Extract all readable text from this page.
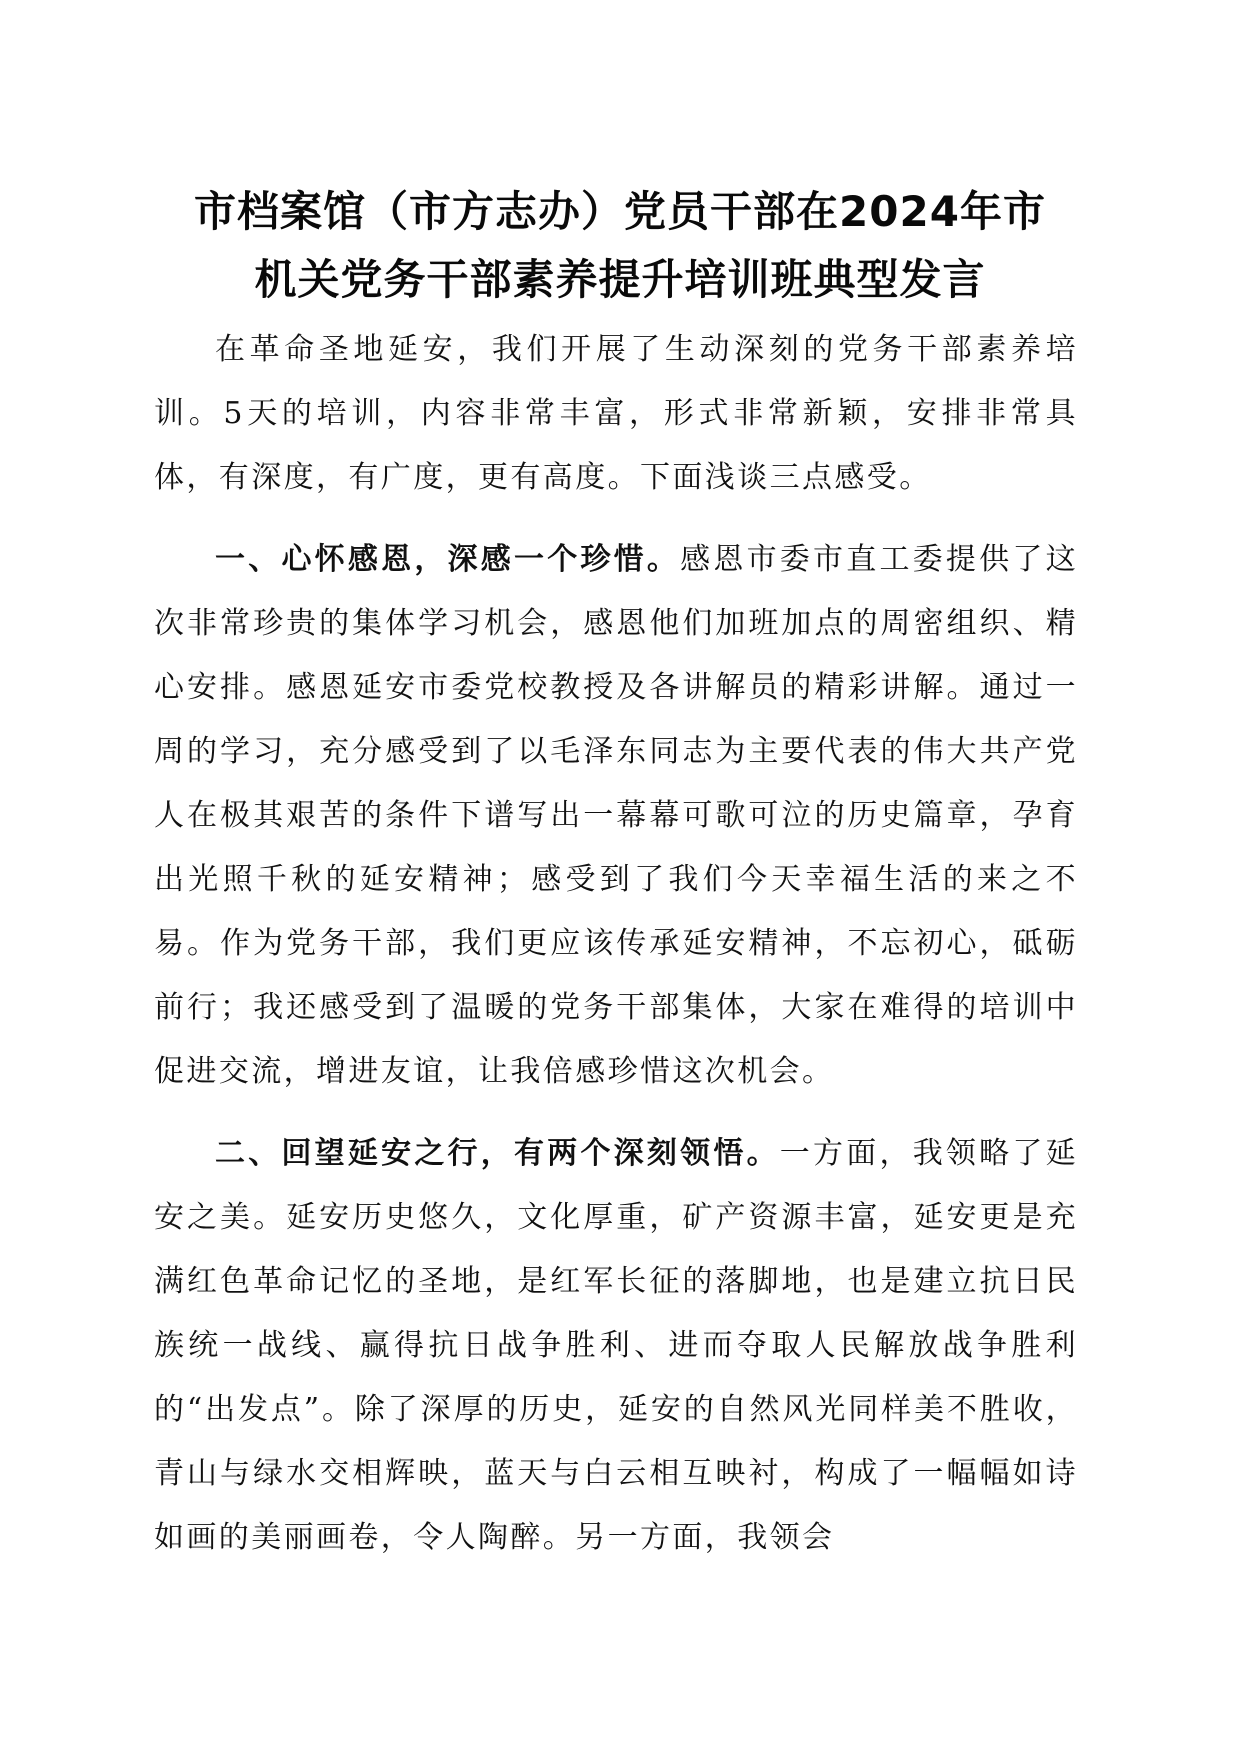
市档案馆（市方志办）党员干部在2024年市
机关党务干部素养提升培训班典型发言

在革命圣地延安，我们开展了生动深刻的党务干部素养培训。5天的培训，内容非常丰富，形式非常新颖，安排非常具体，有深度，有广度，更有高度。下面浅谈三点感受。

一、心怀感恩，深感一个珍惜。感恩市委市直工委提供了这次非常珍贵的集体学习机会，感恩他们加班加点的周密组织、精心安排。感恩延安市委党校教授及各讲解员的精彩讲解。通过一周的学习，充分感受到了以毛泽东同志为主要代表的伟大共产党人在极其艰苦的条件下谱写出一幕幕可歌可泣的历史篇章，孕育出光照千秋的延安精神；感受到了我们今天幸福生活的来之不易。作为党务干部，我们更应该传承延安精神，不忘初心，砥砺前行；我还感受到了温暖的党务干部集体，大家在难得的培训中促进交流，增进友谊，让我倍感珍惜这次机会。

二、回望延安之行，有两个深刻领悟。一方面，我领略了延安之美。延安历史悠久，文化厚重，矿产资源丰富，延安更是充满红色革命记忆的圣地，是红军长征的落脚地，也是建立抗日民族统一战线、赢得抗日战争胜利、进而夺取人民解放战争胜利的“出发点”。除了深厚的历史，延安的自然风光同样美不胜收，青山与绿水交相辉映，蓝天与白云相互映衬，构成了一幅幅如诗如画的美丽画卷，令人陶醉。另一方面，我领会
